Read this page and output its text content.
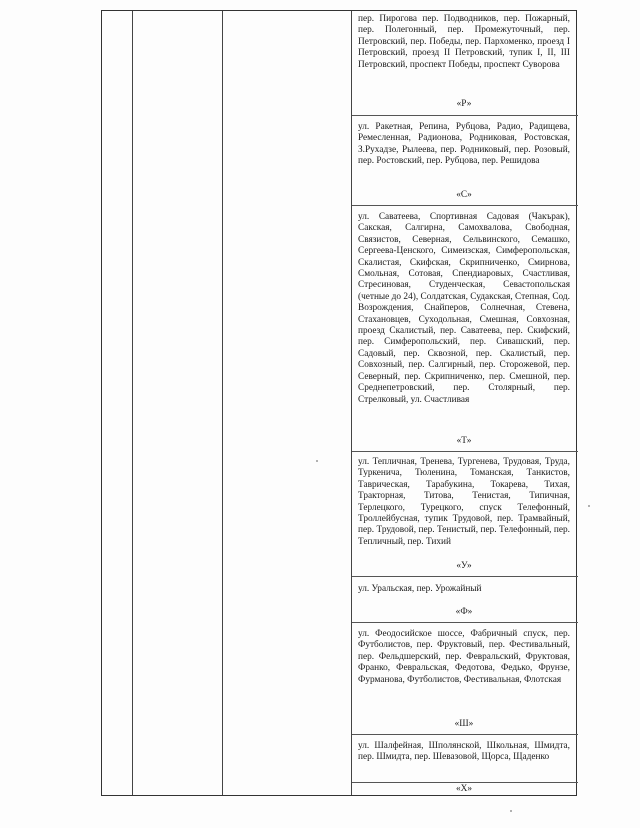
пер. Пирогова пер. Подводников, пер. Пожарный, пер. Полегонный, пер. Промежуточный, пер. Петровский, пер. Победы, пер. Пархоменко, проезд I Петровский, проезд II Петровский, тупик I, II, III Петровский, проспект Победы, проспект Суворова
«Р»
ул. Ракетная, Репина, Рубцова, Радио, Радищева, Ремесленная, Радионова, Родниковая, Ростовская, З.Рухадзе, Рылеева, пер. Родниковый, пер. Розовый, пер. Ростовский, пер. Рубцова, пер. Решидова
«С»
ул. Саватеева, Спортивная Садовая (Чакърак), Сакская, Салгирна, Самохвалова, Свободная, Связистов, Северная, Сельвинского, Семашко, Сергеева-Ценского, Симеизская, Симферопольская, Скалистая, Скифская, Скрипниченко, Смирнова, Смольная, Сотовая, Спендиаровых, Счастливая, Стресиновая, Студенческая, Севастопольская (четные до 24), Солдатская, Судакская, Степная, Сод. Возрождения, Снайперов, Солнечная, Стевена, Стахановцев, Суходольная, Смешная, Совхозная, проезд Скалистый, пер. Саватеева, пер. Скифский, пер. Симферопольский, пер. Сивашский, пер. Садовый, пер. Сквозной, пер. Скалистый, пер. Совхозный, пер. Салгирный, пер. Сторожевой, пер. Северный, пер. Скрипниченко, пер. Смешной, пер. Среднепетровский, пер. Столярный, пер. Стрелковый, ул. Счастливая
«Т»
ул. Тепличная, Тренева, Тургенева, Трудовая, Труда, Туркенича, Тюленина, Томанская, Танкистов, Таврическая, Тарабукина, Токарева, Тихая, Тракторная, Титова, Тенистая, Типичная, Терлецкого, Турецкого, спуск Телефонный, Троллейбусная, тупик Трудовой, пер. Трамвайный, пер. Трудовой, пер. Тенистый, пер. Телефонный, пер. Тепличный, пер. Тихий
«У»
ул. Уральская, пер. Урожайный
«Ф»
ул. Феодосийское шоссе, Фабричный спуск, пер. Футболистов, пер. Фруктовый, пер. Фестивальный, пер. Фельдшерский, пер. Февральский, Фруктовая, Франко, Февральская, Федотова, Федько, Фрунзе, Фурманова, Футболистов, Фестивальная, Флотская
«Ш»
ул. Шалфейная, Шполянской, Школьная, Шмидта, пер. Шмидта, пер. Шевазовой, Щорса, Щаденко
«Х»
